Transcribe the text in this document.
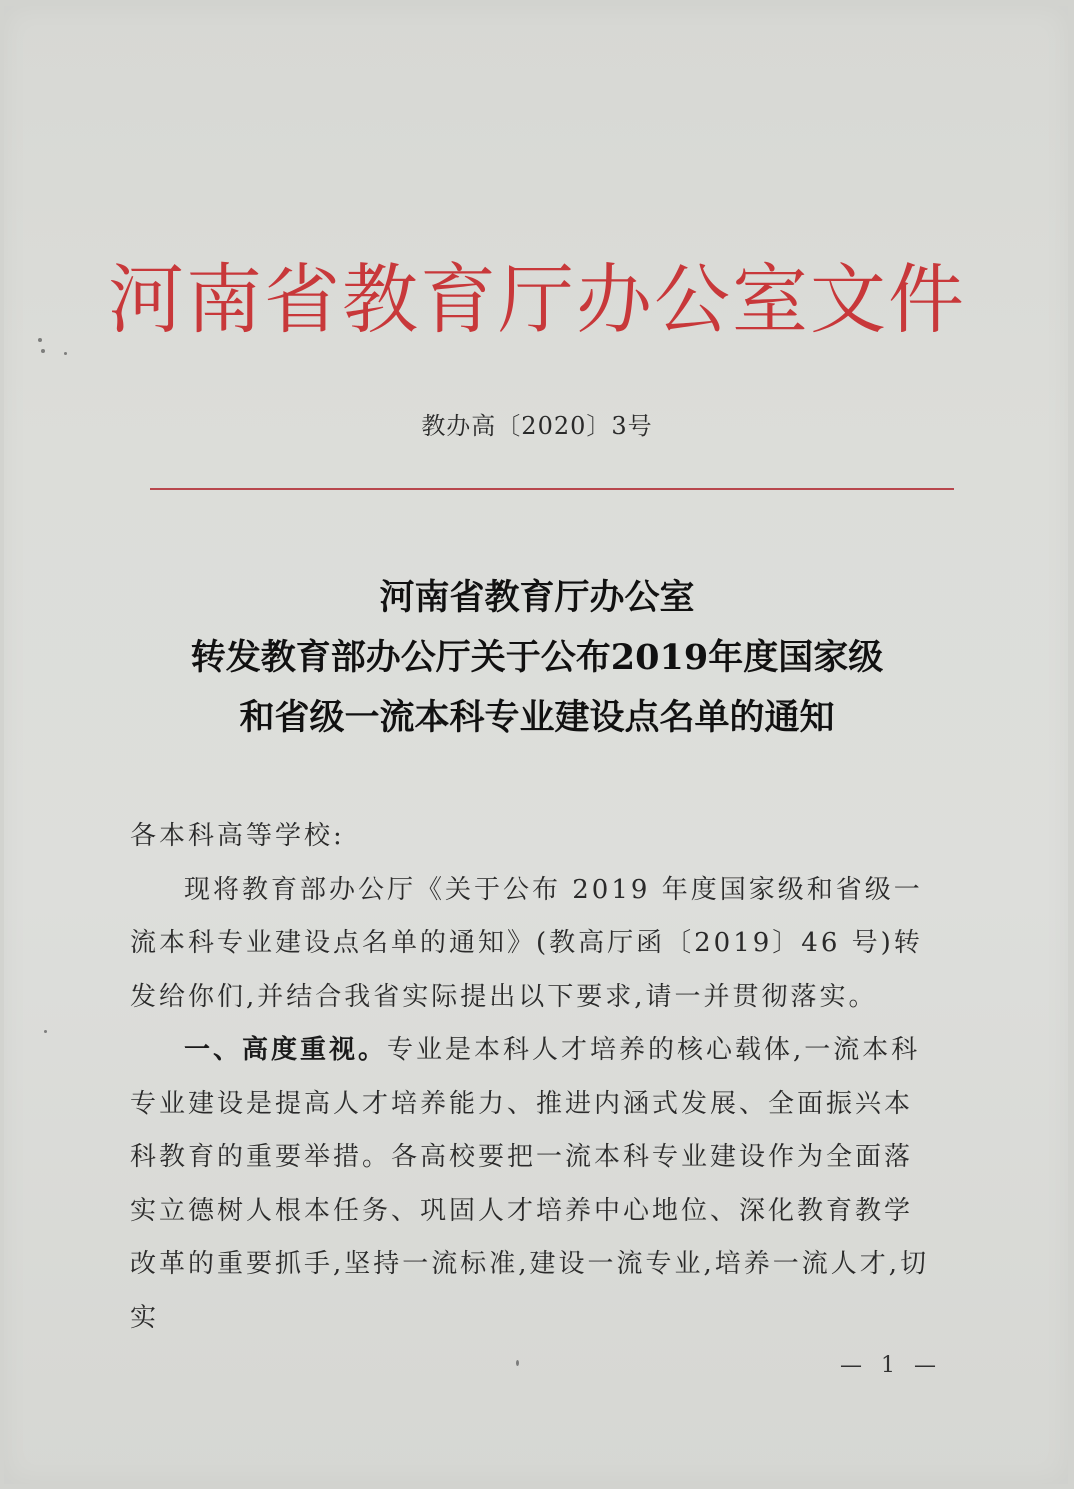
河南省教育厅办公室文件
教办高〔2020〕3号
河南省教育厅办公室
转发教育部办公厅关于公布2019年度国家级
和省级一流本科专业建设点名单的通知

各本科高等学校:

现将教育部办公厅《关于公布 2019 年度国家级和省级一流本科专业建设点名单的通知》(教高厅函〔2019〕46 号)转发给你们,并结合我省实际提出以下要求,请一并贯彻落实。

一、高度重视。专业是本科人才培养的核心载体,一流本科专业建设是提高人才培养能力、推进内涵式发展、全面振兴本科教育的重要举措。各高校要把一流本科专业建设作为全面落实立德树人根本任务、巩固人才培养中心地位、深化教育教学改革的重要抓手,坚持一流标准,建设一流专业,培养一流人才,切实

— 1 —
